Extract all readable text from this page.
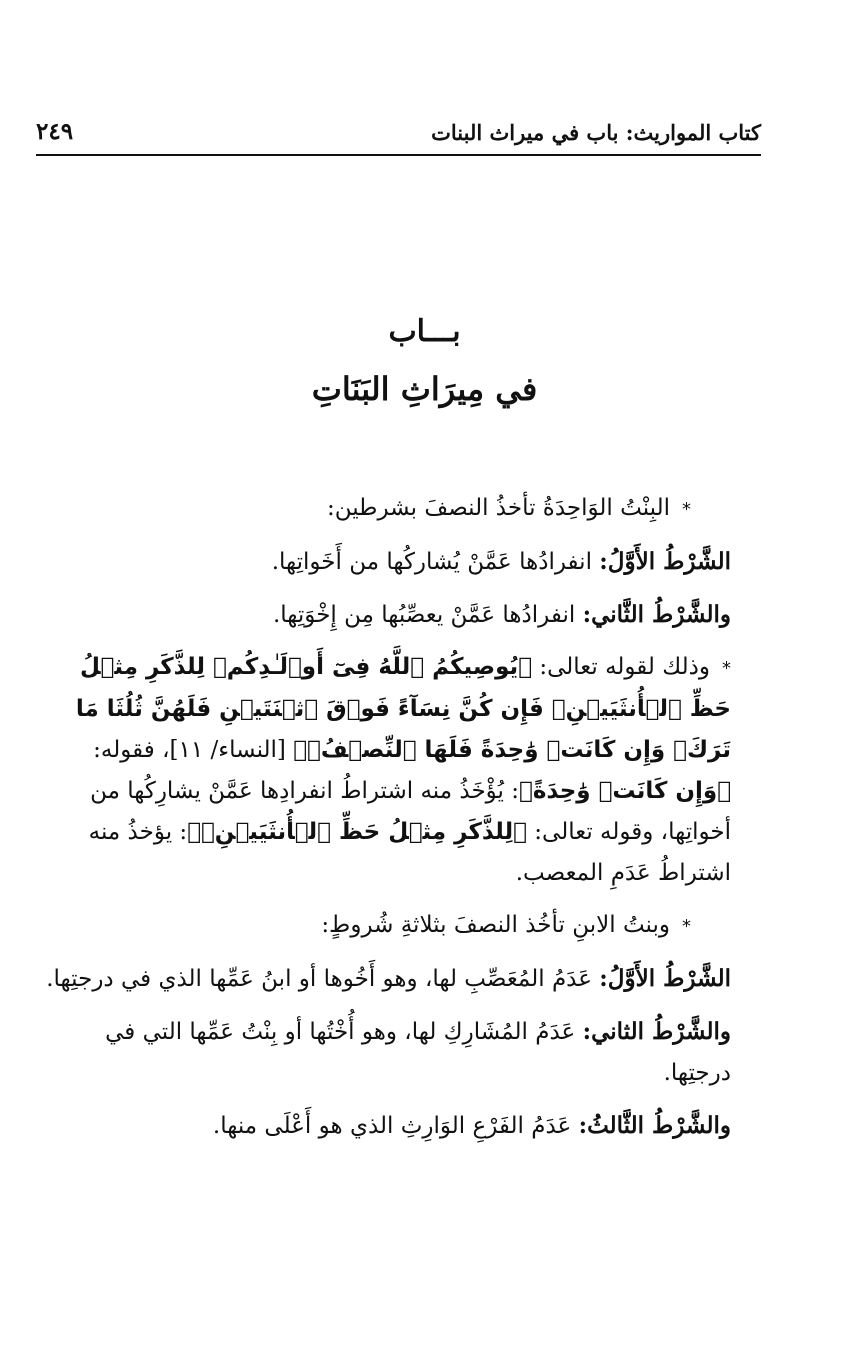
كتاب المواريث: باب في ميراث البنات
٢٤٩
بـــاب
في مِيرَاثِ البَنَاتِ

*البِنْتُ الوَاحِدَةُ تأخذُ النصفَ بشرطين:

الشَّرْطُ الأَوَّلُ: انفرادُها عَمَّنْ يُشاركُها من أَخَواتِها.

والشَّرْطُ الثَّاني: انفرادُها عَمَّنْ يعصِّبُها مِن إِخْوَتِها.

*وذلك لقوله تعالى: ﴿يُوصِيكُمُ ٱللَّهُ فِىٓ أَوۡلَـٰدِكُمۡ لِلذَّكَرِ مِثۡلُ حَظِّ ٱلۡأُنثَيَيۡنِۚ فَإِن كُنَّ نِسَآءً فَوۡقَ ٱثۡنَتَيۡنِ فَلَهُنَّ ثُلُثَا مَا تَرَكَۖ وَإِن كَانَتۡ وَٰحِدَةً فَلَهَا ٱلنِّصۡفُۚ﴾ [النساء/ ١١]، فقوله: ﴿وَإِن كَانَتۡ وَٰحِدَةً﴾: يُؤْخَذُ منه اشتراطُ انفرادِها عَمَّنْ يشارِكُها من أخواتِها، وقوله تعالى: ﴿لِلذَّكَرِ مِثۡلُ حَظِّ ٱلۡأُنثَيَيۡنِۚ﴾: يؤخذُ منه اشتراطُ عَدَمِ المعصب.

*وبنتُ الابنِ تأخُذ النصفَ بثلاثةِ شُروطٍ:

الشَّرْطُ الأَوَّلُ: عَدَمُ المُعَصِّبِ لها، وهو أَخُوها أو ابنُ عَمِّها الذي في درجتِها.

والشَّرْطُ الثاني: عَدَمُ المُشَارِكِ لها، وهو أُخْتُها أو بِنْتُ عَمِّها التي في درجتِها.

والشَّرْطُ الثَّالثُ: عَدَمُ الفَرْعِ الوَارِثِ الذي هو أَعْلَى منها.
